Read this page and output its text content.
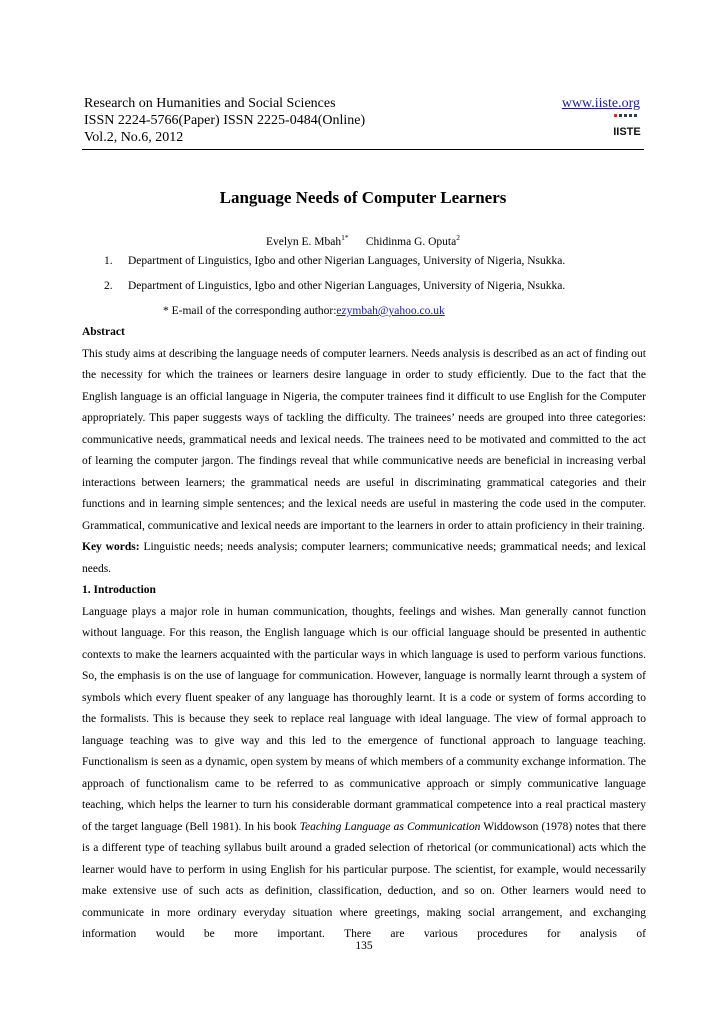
Research on Humanities and Social Sciences
ISSN 2224-5766(Paper) ISSN 2225-0484(Online)
Vol.2, No.6, 2012
www.iiste.org
IISTE
Language Needs of Computer Learners
Evelyn E. Mbah$^{1*}$ Chidinma G. Oputa$^2$
1. Department of Linguistics, Igbo and other Nigerian Languages, University of Nigeria, Nsukka.
2. Department of Linguistics, Igbo and other Nigerian Languages, University of Nigeria, Nsukka.
* E-mail of the corresponding author:ezymbah@yahoo.co.uk

Abstract

This study aims at describing the language needs of computer learners. Needs analysis is described as an act of finding out the necessity for which the trainees or learners desire language in order to study efficiently. Due to the fact that the English language is an official language in Nigeria, the computer trainees find it difficult to use English for the Computer appropriately. This paper suggests ways of tackling the difficulty. The trainees’ needs are grouped into three categories: communicative needs, grammatical needs and lexical needs. The trainees need to be motivated and committed to the act of learning the computer jargon. The findings reveal that while communicative needs are beneficial in increasing verbal interactions between learners; the grammatical needs are useful in discriminating grammatical categories and their functions and in learning simple sentences; and the lexical needs are useful in mastering the code used in the computer. Grammatical, communicative and lexical needs are important to the learners in order to attain proficiency in their training.

Key words: Linguistic needs; needs analysis; computer learners; communicative needs; grammatical needs; and lexical needs.

1. Introduction

Language plays a major role in human communication, thoughts, feelings and wishes. Man generally cannot function without language. For this reason, the English language which is our official language should be presented in authentic contexts to make the learners acquainted with the particular ways in which language is used to perform various functions. So, the emphasis is on the use of language for communication. However, language is normally learnt through a system of symbols which every fluent speaker of any language has thoroughly learnt. It is a code or system of forms according to the formalists. This is because they seek to replace real language with ideal language. The view of formal approach to language teaching was to give way and this led to the emergence of functional approach to language teaching. Functionalism is seen as a dynamic, open system by means of which members of a community exchange information. The approach of functionalism came to be referred to as communicative approach or simply communicative language teaching, which helps the learner to turn his considerable dormant grammatical competence into a real practical mastery of the target language (Bell 1981). In his book Teaching Language as Communication Widdowson (1978) notes that there is a different type of teaching syllabus built around a graded selection of rhetorical (or communicational) acts which the learner would have to perform in using English for his particular purpose. The scientist, for example, would necessarily make extensive use of such acts as definition, classification, deduction, and so on. Other learners would need to communicate in more ordinary everyday situation where greetings, making social arrangement, and exchanging information would be more important. There are various procedures for analysis of

135
